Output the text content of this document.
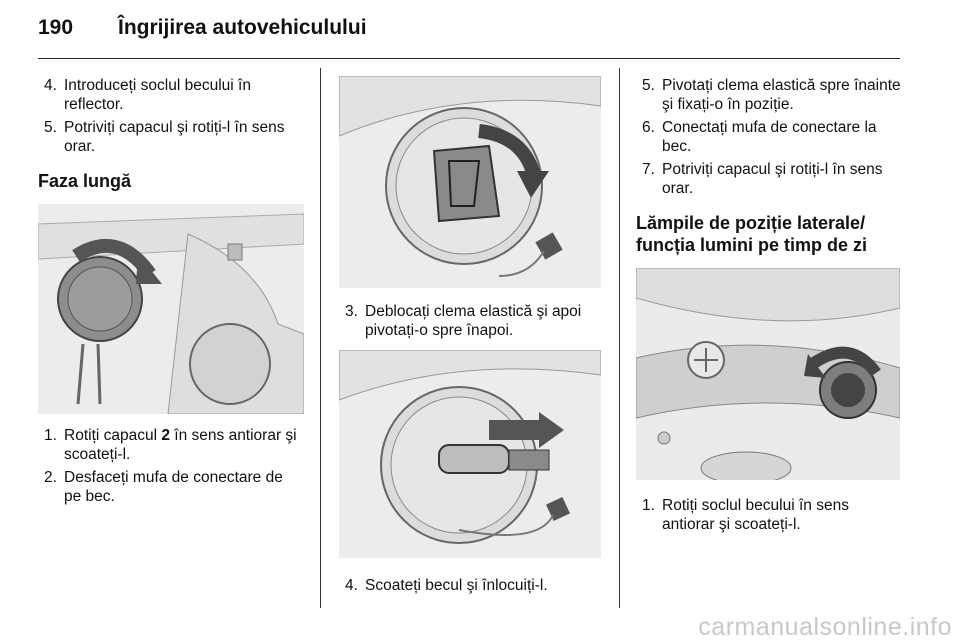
190 Îngrijirea autovehiculului
4. Introduceți soclul becului în reflector.
5. Potriviți capacul şi rotiți-l în sens orar.
Faza lungă
1. Rotiți capacul 2 în sens antiorar şi scoateți-l.
2. Desfaceți mufa de conectare de pe bec.
3. Deblocați clema elastică şi apoi pivotați-o spre înapoi.
4. Scoateți becul şi înlocuiți-l.
5. Pivotați clema elastică spre înainte şi fixați-o în poziție.
6. Conectați mufa de conectare la bec.
7. Potriviți capacul şi rotiți-l în sens orar.
Lămpile de poziție laterale/ funcția lumini pe timp de zi
1. Rotiți soclul becului în sens antiorar şi scoateți-l.
carmanualsonline.info
